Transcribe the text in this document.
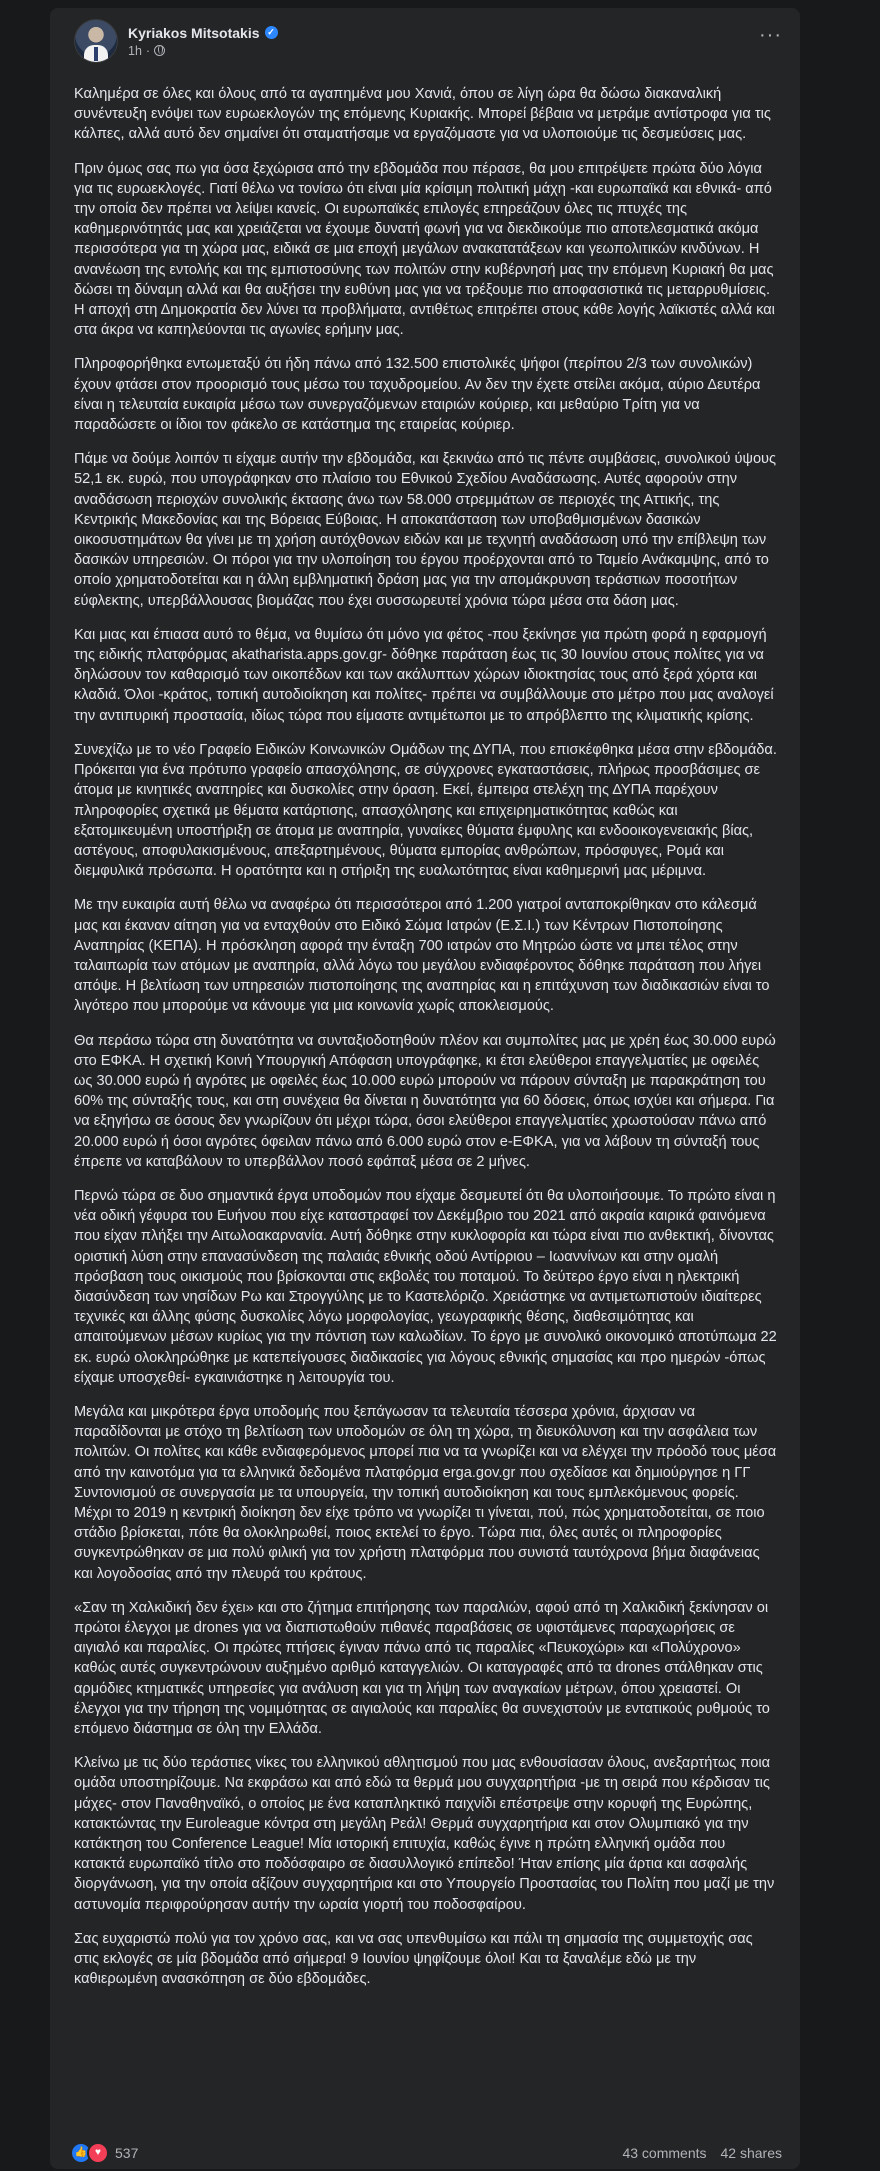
Kyriakos Mitsotakis ✓
1h ·
···

Καλημέρα σε όλες και όλους από τα αγαπημένα μου Χανιά, όπου σε λίγη ώρα θα δώσω διακαναλική συνέντευξη ενόψει των ευρωεκλογών της επόμενης Κυριακής. Μπορεί βέβαια να μετράμε αντίστροφα για τις κάλπες, αλλά αυτό δεν σημαίνει ότι σταματήσαμε να εργαζόμαστε για να υλοποιούμε τις δεσμεύσεις μας.

Πριν όμως σας πω για όσα ξεχώρισα από την εβδομάδα που πέρασε, θα μου επιτρέψετε πρώτα δύο λόγια για τις ευρωεκλογές. Γιατί θέλω να τονίσω ότι είναι μία κρίσιμη πολιτική μάχη -και ευρωπαϊκά και εθνικά- από την οποία δεν πρέπει να λείψει κανείς. Οι ευρωπαϊκές επιλογές επηρεάζουν όλες τις πτυχές της καθημερινότητάς μας και χρειάζεται να έχουμε δυνατή φωνή για να διεκδικούμε πιο αποτελεσματικά ακόμα περισσότερα για τη χώρα μας, ειδικά σε μια εποχή μεγάλων ανακατατάξεων και γεωπολιτικών κινδύνων. Η ανανέωση της εντολής και της εμπιστοσύνης των πολιτών στην κυβέρνησή μας την επόμενη Κυριακή θα μας δώσει τη δύναμη αλλά και θα αυξήσει την ευθύνη μας για να τρέξουμε πιο αποφασιστικά τις μεταρρυθμίσεις. Η αποχή στη Δημοκρατία δεν λύνει τα προβλήματα, αντιθέτως επιτρέπει στους κάθε λογής λαϊκιστές αλλά και στα άκρα να καπηλεύονται τις αγωνίες ερήμην μας.

Πληροφορήθηκα εντωμεταξύ ότι ήδη πάνω από 132.500 επιστολικές ψήφοι (περίπου 2/3 των συνολικών) έχουν φτάσει στον προορισμό τους μέσω του ταχυδρομείου. Αν δεν την έχετε στείλει ακόμα, αύριο Δευτέρα είναι η τελευταία ευκαιρία μέσω των συνεργαζόμενων εταιριών κούριερ, και μεθαύριο Τρίτη για να παραδώσετε οι ίδιοι τον φάκελο σε κατάστημα της εταιρείας κούριερ.

Πάμε να δούμε λοιπόν τι είχαμε αυτήν την εβδομάδα, και ξεκινάω από τις πέντε συμβάσεις, συνολικού ύψους 52,1 εκ. ευρώ, που υπογράφηκαν στο πλαίσιο του Εθνικού Σχεδίου Αναδάσωσης. Αυτές αφορούν στην αναδάσωση περιοχών συνολικής έκτασης άνω των 58.000 στρεμμάτων σε περιοχές της Αττικής, της Κεντρικής Μακεδονίας και της Βόρειας Εύβοιας. Η αποκατάσταση των υποβαθμισμένων δασικών οικοσυστημάτων θα γίνει με τη χρήση αυτόχθονων ειδών και με τεχνητή αναδάσωση υπό την επίβλεψη των δασικών υπηρεσιών. Οι πόροι για την υλοποίηση του έργου προέρχονται από το Ταμείο Ανάκαμψης, από το οποίο χρηματοδοτείται και η άλλη εμβληματική δράση μας για την απομάκρυνση τεράστιων ποσοτήτων εύφλεκτης, υπερβάλλουσας βιομάζας που έχει συσσωρευτεί χρόνια τώρα μέσα στα δάση μας.

Και μιας και έπιασα αυτό το θέμα, να θυμίσω ότι μόνο για φέτος -που ξεκίνησε για πρώτη φορά η εφαρμογή της ειδικής πλατφόρμας akatharista.apps.gov.gr- δόθηκε παράταση έως τις 30 Ιουνίου στους πολίτες για να δηλώσουν τον καθαρισμό των οικοπέδων και των ακάλυπτων χώρων ιδιοκτησίας τους από ξερά χόρτα και κλαδιά. Όλοι -κράτος, τοπική αυτοδιοίκηση και πολίτες- πρέπει να συμβάλλουμε στο μέτρο που μας αναλογεί την αντιπυρική προστασία, ιδίως τώρα που είμαστε αντιμέτωποι με το απρόβλεπτο της κλιματικής κρίσης.

Συνεχίζω με το νέο Γραφείο Ειδικών Κοινωνικών Ομάδων της ΔΥΠΑ, που επισκέφθηκα μέσα στην εβδομάδα. Πρόκειται για ένα πρότυπο γραφείο απασχόλησης, σε σύγχρονες εγκαταστάσεις, πλήρως προσβάσιμες σε άτομα με κινητικές αναπηρίες και δυσκολίες στην όραση. Εκεί, έμπειρα στελέχη της ΔΥΠΑ παρέχουν πληροφορίες σχετικά με θέματα κατάρτισης, απασχόλησης και επιχειρηματικότητας καθώς και εξατομικευμένη υποστήριξη σε άτομα με αναπηρία, γυναίκες θύματα έμφυλης και ενδοοικογενειακής βίας, αστέγους, αποφυλακισμένους, απεξαρτημένους, θύματα εμπορίας ανθρώπων, πρόσφυγες, Ρομά και διεμφυλικά πρόσωπα. Η ορατότητα και η στήριξη της ευαλωτότητας είναι καθημερινή μας μέριμνα.

Με την ευκαιρία αυτή θέλω να αναφέρω ότι περισσότεροι από 1.200 γιατροί ανταποκρίθηκαν στο κάλεσμά μας και έκαναν αίτηση για να ενταχθούν στο Ειδικό Σώμα Ιατρών (Ε.Σ.Ι.) των Κέντρων Πιστοποίησης Αναπηρίας (ΚΕΠΑ). Η πρόσκληση αφορά την ένταξη 700 ιατρών στο Μητρώο ώστε να μπει τέλος στην ταλαιπωρία των ατόμων με αναπηρία, αλλά λόγω του μεγάλου ενδιαφέροντος δόθηκε παράταση που λήγει απόψε. Η βελτίωση των υπηρεσιών πιστοποίησης της αναπηρίας και η επιτάχυνση των διαδικασιών είναι το λιγότερο που μπορούμε να κάνουμε για μια κοινωνία χωρίς αποκλεισμούς.

Θα περάσω τώρα στη δυνατότητα να συνταξιοδοτηθούν πλέον και συμπολίτες μας με χρέη έως 30.000 ευρώ στο ΕΦΚΑ. Η σχετική Κοινή Υπουργική Απόφαση υπογράφηκε, κι έτσι ελεύθεροι επαγγελματίες με οφειλές ως 30.000 ευρώ ή αγρότες με οφειλές έως 10.000 ευρώ μπορούν να πάρουν σύνταξη με παρακράτηση του 60% της σύνταξής τους, και στη συνέχεια θα δίνεται η δυνατότητα για 60 δόσεις, όπως ισχύει και σήμερα. Για να εξηγήσω σε όσους δεν γνωρίζουν ότι μέχρι τώρα, όσοι ελεύθεροι επαγγελματίες χρωστούσαν πάνω από 20.000 ευρώ ή όσοι αγρότες όφειλαν πάνω από 6.000 ευρώ στον e-ΕΦΚΑ, για να λάβουν τη σύνταξή τους έπρεπε να καταβάλουν το υπερβάλλον ποσό εφάπαξ μέσα σε 2 μήνες.

Περνώ τώρα σε δυο σημαντικά έργα υποδομών που είχαμε δεσμευτεί ότι θα υλοποιήσουμε. Το πρώτο είναι η νέα οδική γέφυρα του Ευήνου που είχε καταστραφεί τον Δεκέμβριο του 2021 από ακραία καιρικά φαινόμενα που είχαν πλήξει την Αιτωλοακαρνανία. Αυτή δόθηκε στην κυκλοφορία και τώρα είναι πιο ανθεκτική, δίνοντας οριστική λύση στην επανασύνδεση της παλαιάς εθνικής οδού Αντίρριου – Ιωαννίνων και στην ομαλή πρόσβαση τους οικισμούς που βρίσκονται στις εκβολές του ποταμού. Το δεύτερο έργο είναι η ηλεκτρική διασύνδεση των νησίδων Ρω και Στρογγύλης με το Καστελόριζο. Χρειάστηκε να αντιμετωπιστούν ιδιαίτερες τεχνικές και άλλης φύσης δυσκολίες λόγω μορφολογίας, γεωγραφικής θέσης, διαθεσιμότητας και απαιτούμενων μέσων κυρίως για την πόντιση των καλωδίων. Το έργο με συνολικό οικονομικό αποτύπωμα 22 εκ. ευρώ ολοκληρώθηκε με κατεπείγουσες διαδικασίες για λόγους εθνικής σημασίας και προ ημερών -όπως είχαμε υποσχεθεί- εγκαινιάστηκε η λειτουργία του.

Μεγάλα και μικρότερα έργα υποδομής που ξεπάγωσαν τα τελευταία τέσσερα χρόνια, άρχισαν να παραδίδονται με στόχο τη βελτίωση των υποδομών σε όλη τη χώρα, τη διευκόλυνση και την ασφάλεια των πολιτών. Οι πολίτες και κάθε ενδιαφερόμενος μπορεί πια να τα γνωρίζει και να ελέγχει την πρόοδό τους μέσα από την καινοτόμα για τα ελληνικά δεδομένα πλατφόρμα erga.gov.gr που σχεδίασε και δημιούργησε η ΓΓ Συντονισμού σε συνεργασία με τα υπουργεία, την τοπική αυτοδιοίκηση και τους εμπλεκόμενους φορείς. Μέχρι το 2019 η κεντρική διοίκηση δεν είχε τρόπο να γνωρίζει τι γίνεται, πού, πώς χρηματοδοτείται, σε ποιο στάδιο βρίσκεται, πότε θα ολοκληρωθεί, ποιος εκτελεί το έργο. Τώρα πια, όλες αυτές οι πληροφορίες συγκεντρώθηκαν σε μια πολύ φιλική για τον χρήστη πλατφόρμα που συνιστά ταυτόχρονα βήμα διαφάνειας και λογοδοσίας από την πλευρά του κράτους.

«Σαν τη Χαλκιδική δεν έχει» και στο ζήτημα επιτήρησης των παραλιών, αφού από τη Χαλκιδική ξεκίνησαν οι πρώτοι έλεγχοι με drones για να διαπιστωθούν πιθανές παραβάσεις σε υφιστάμενες παραχωρήσεις σε αιγιαλό και παραλίες. Οι πρώτες πτήσεις έγιναν πάνω από τις παραλίες «Πευκοχώρι» και «Πολύχρονο» καθώς αυτές συγκεντρώνουν αυξημένο αριθμό καταγγελιών. Οι καταγραφές από τα drones στάλθηκαν στις αρμόδιες κτηματικές υπηρεσίες για ανάλυση και για τη λήψη των αναγκαίων μέτρων, όπου χρειαστεί. Οι έλεγχοι για την τήρηση της νομιμότητας σε αιγιαλούς και παραλίες θα συνεχιστούν με εντατικούς ρυθμούς το επόμενο διάστημα σε όλη την Ελλάδα.

Κλείνω με τις δύο τεράστιες νίκες του ελληνικού αθλητισμού που μας ενθουσίασαν όλους, ανεξαρτήτως ποια ομάδα υποστηρίζουμε. Να εκφράσω και από εδώ τα θερμά μου συγχαρητήρια -με τη σειρά που κέρδισαν τις μάχες- στον Παναθηναϊκό, ο οποίος με ένα καταπληκτικό παιχνίδι επέστρεψε στην κορυφή της Ευρώπης, κατακτώντας την Euroleague κόντρα στη μεγάλη Ρεάλ! Θερμά συγχαρητήρια και στον Ολυμπιακό για την κατάκτηση του Conference League! Μία ιστορική επιτυχία, καθώς έγινε η πρώτη ελληνική ομάδα που κατακτά ευρωπαϊκό τίτλο στο ποδόσφαιρο σε διασυλλογικό επίπεδο! Ήταν επίσης μία άρτια και ασφαλής διοργάνωση, για την οποία αξίζουν συγχαρητήρια και στο Υπουργείο Προστασίας του Πολίτη που μαζί με την αστυνομία περιφρούρησαν αυτήν την ωραία γιορτή του ποδοσφαίρου.

Σας ευχαριστώ πολύ για τον χρόνο σας, και να σας υπενθυμίσω και πάλι τη σημασία της συμμετοχής σας στις εκλογές σε μία βδομάδα από σήμερα! 9 Ιουνίου ψηφίζουμε όλοι! Και τα ξαναλέμε εδώ με την καθιερωμένη ανασκόπηση σε δύο εβδομάδες.

👍 ♥	537	43 comments 42 shares
